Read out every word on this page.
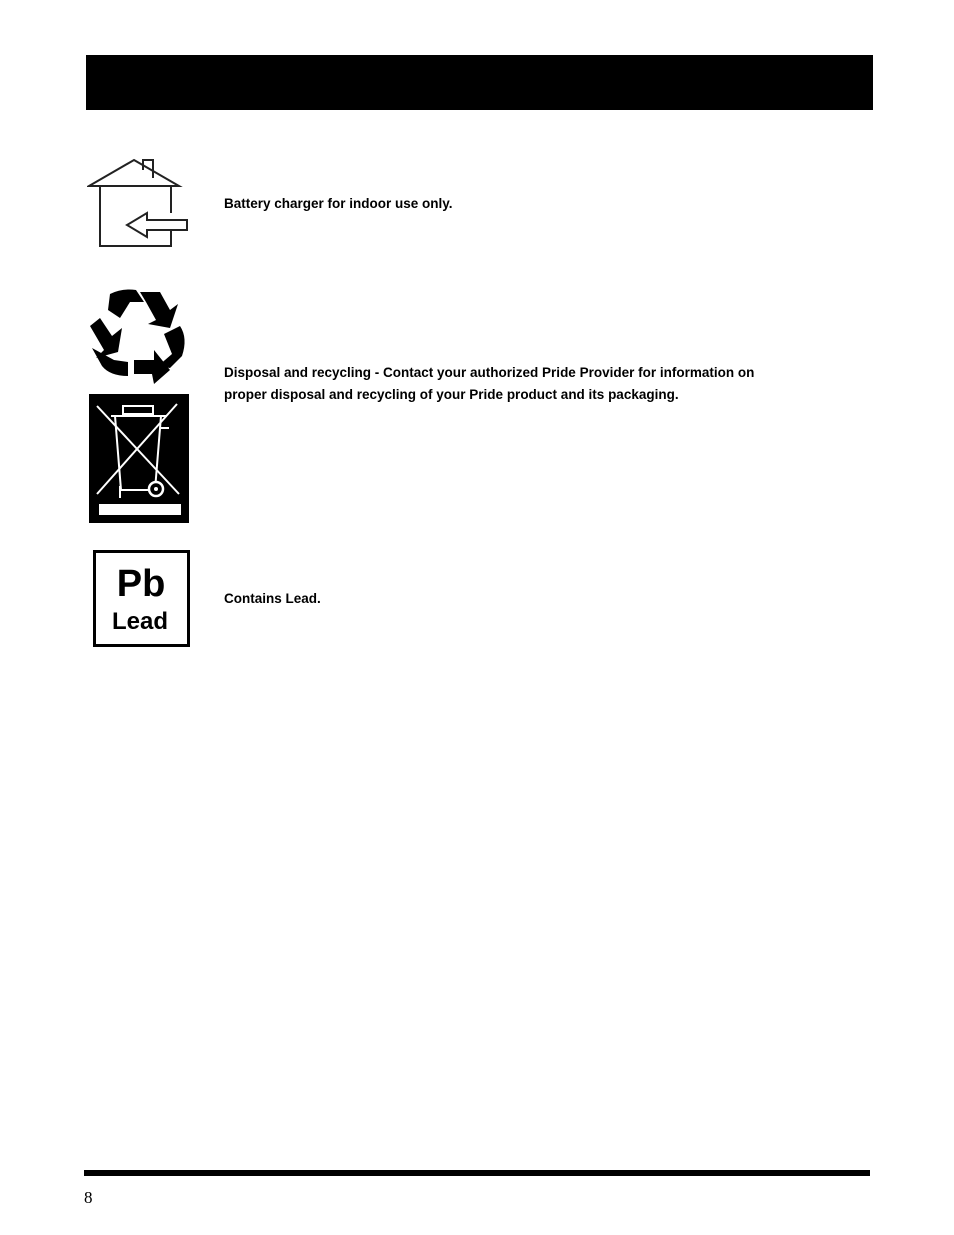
Battery charger for indoor use only.
Disposal and recycling - Contact your authorized Pride Provider for information on
proper disposal and recycling of your Pride product and its packaging.
Pb
Lead
Contains Lead.
8
